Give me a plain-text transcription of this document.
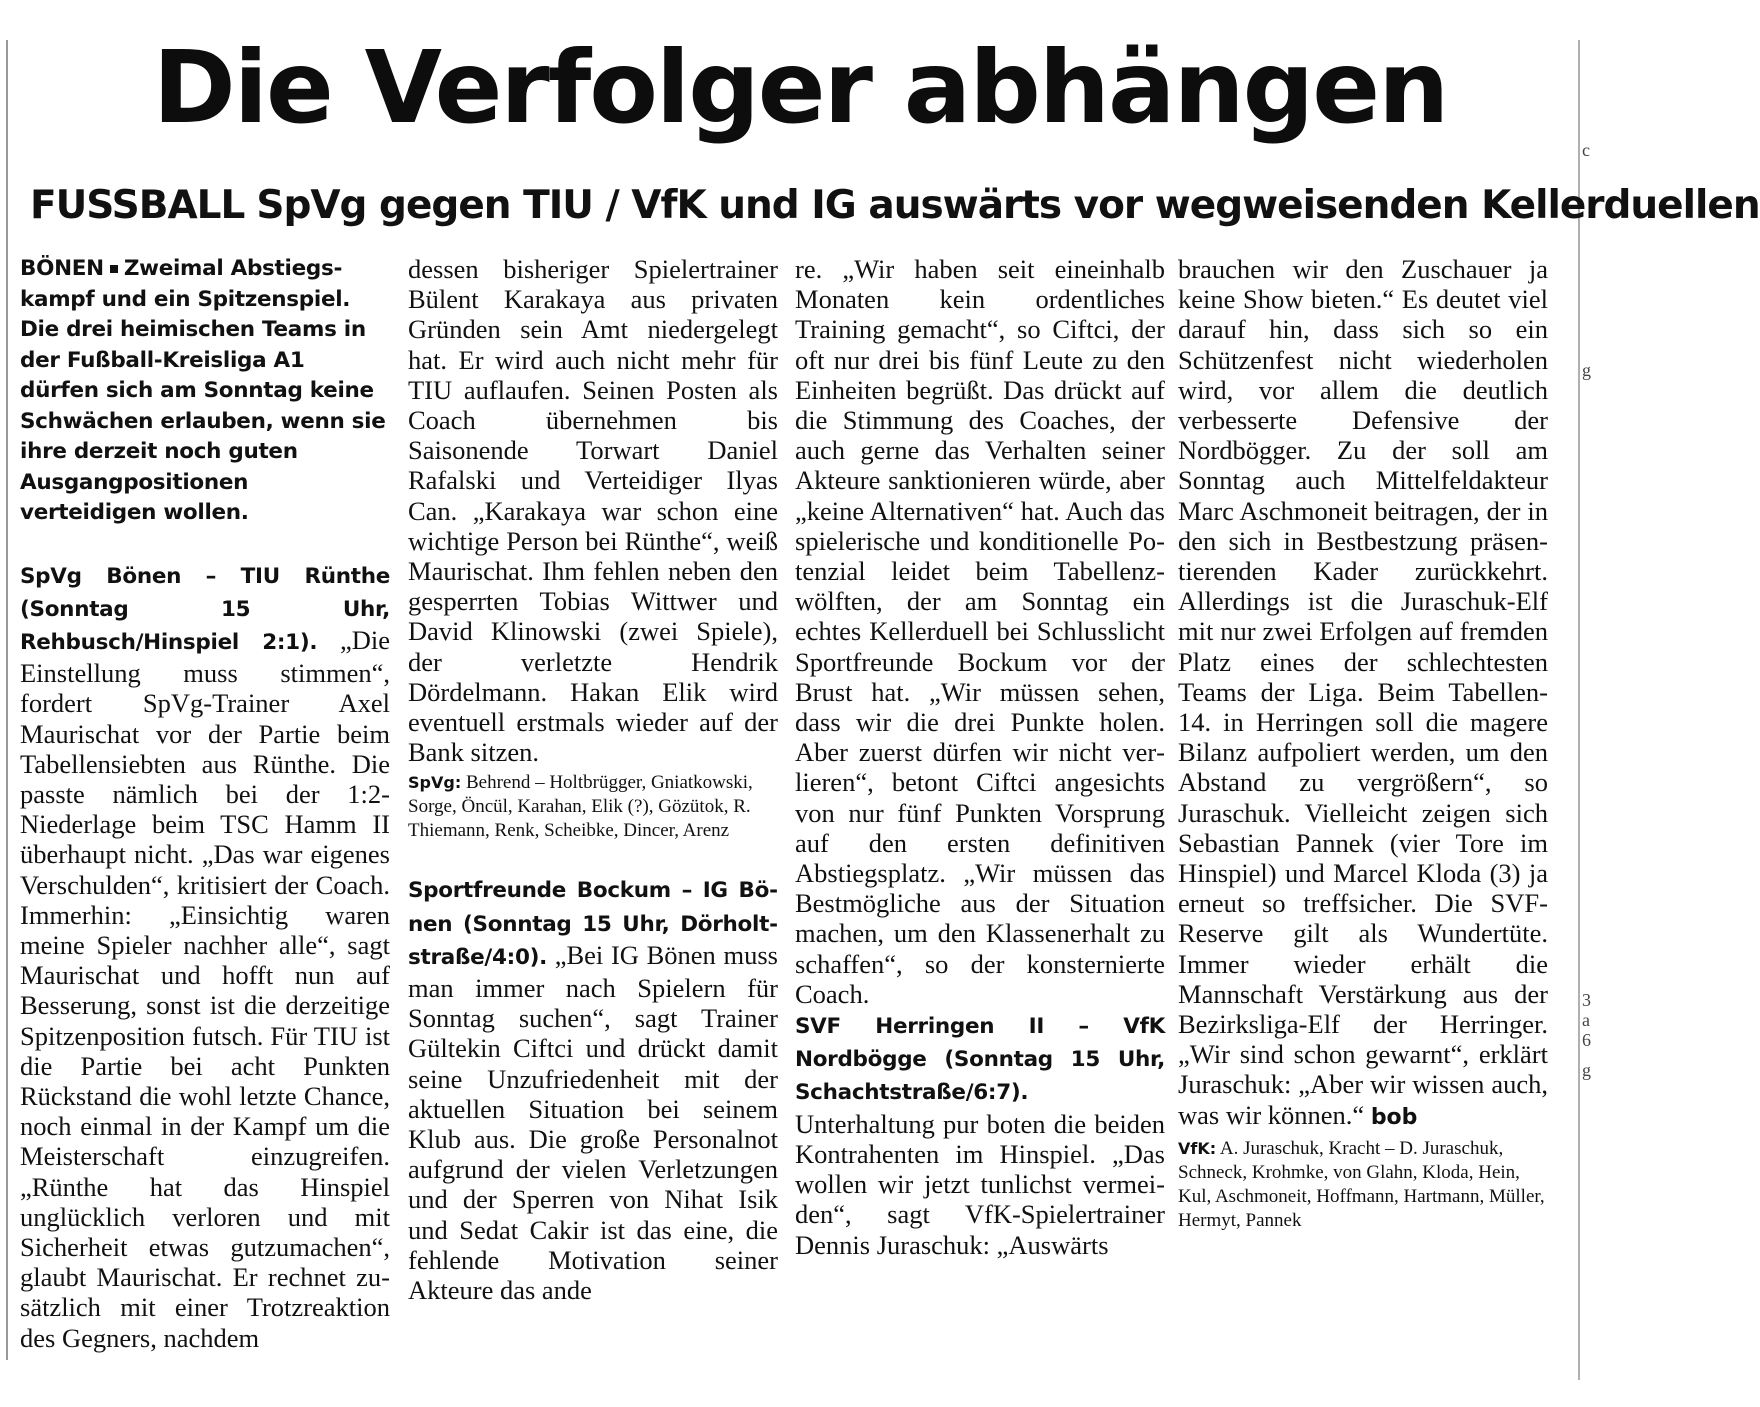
c
g
3
a
6
g
Die Verfolger abhängen
FUSSBALL SpVg gegen TIU / VfK und IG auswärts vor wegweisenden Kellerduellen

BÖNEN Zweimal Abstiegskampf und ein Spitzenspiel. Die drei heimischen Teams in der Fußball-Kreisliga A1 dürfen sich am Sonntag keine Schwächen erlauben, wenn sie ihre derzeit noch guten Ausgangpositionen verteidigen wollen.

SpVg Bönen – TIU Rünthe (Sonntag 15 Uhr, Rehbusch/Hinspiel 2:1). „Die Einstellung muss stimmen“, fordert SpVg-Trainer Axel Maurischat vor der Partie beim Tabellensiebten aus Rünthe. Die passte nämlich bei der 1:2-Niederlage beim TSC Hamm II überhaupt nicht. „Das war eigenes Verschulden“, kritisiert der Coach. Immerhin: „Einsichtig waren meine Spieler nachher alle“, sagt Maurischat und hofft nun auf Besserung, sonst ist die derzeitige Spitzenposition futsch. Für TIU ist die Partie bei acht Punkten Rückstand die wohl letzte Chance, noch einmal in der Kampf um die Meisterschaft einzugreifen. „Rünthe hat das Hinspiel unglücklich verloren und mit Sicherheit etwas gutzumachen“, glaubt Maurischat. Er rechnet zusätzlich mit einer Trotzreaktion des Gegners, nachdem

dessen bisheriger Spielertrainer Bülent Karakaya aus privaten Gründen sein Amt niedergelegt hat. Er wird auch nicht mehr für TIU auflaufen. Seinen Posten als Coach übernehmen bis Saisonende Torwart Daniel Rafalski und Verteidiger Ilyas Can. „Karakaya war schon eine wichtige Person bei Rünthe“, weiß Maurischat. Ihm fehlen neben den gesperrten Tobias Wittwer und David Klinowski (zwei Spiele), der verletzte Hendrik Dördelmann. Hakan Elik wird eventuell erstmals wieder auf der Bank sitzen.

SpVg: Behrend – Holtbrügger, Gniatkowski, Sorge, Öncül, Karahan, Elik (?), Gözütok, R. Thiemann, Renk, Scheibke, Dincer, Arenz

Sportfreunde Bockum – IG Bönen (Sonntag 15 Uhr, Dörholtstraße/4:0). „Bei IG Bönen muss man immer nach Spielern für Sonntag suchen“, sagt Trainer Gültekin Ciftci und drückt damit seine Unzufriedenheit mit der aktuellen Situation bei seinem Klub aus. Die große Personalnot aufgrund der vielen Verletzungen und der Sperren von Nihat Isik und Sedat Cakir ist das eine, die fehlende Motivation seiner Akteure das ande

re. „Wir haben seit eineinhalb Monaten kein ordentliches Training gemacht“, so Ciftci, der oft nur drei bis fünf Leute zu den Einheiten begrüßt. Das drückt auf die Stimmung des Coaches, der auch gerne das Verhalten seiner Akteure sanktionieren würde, aber „keine Alternativen“ hat. Auch das spielerische und konditionelle Potenzial leidet beim Tabellenzwölften, der am Sonntag ein echtes Kellerduell bei Schlusslicht Sportfreunde Bockum vor der Brust hat. „Wir müssen sehen, dass wir die drei Punkte holen. Aber zuerst dürfen wir nicht verlieren“, betont Ciftci angesichts von nur fünf Punkten Vorsprung auf den ersten definitiven Abstiegsplatz. „Wir müssen das Bestmögliche aus der Situation machen, um den Klassenerhalt zu schaffen“, so der konsternierte Coach.

SVF Herringen II – VfK Nordbögge (Sonntag 15 Uhr, Schachtstraße/6:7). Unterhaltung pur boten die beiden Kontrahenten im Hinspiel. „Das wollen wir jetzt tunlichst vermeiden“, sagt VfK-Spielertrainer Dennis Juraschuk: „Auswärts

brauchen wir den Zuschauer ja keine Show bieten.“ Es deutet viel darauf hin, dass sich so ein Schützenfest nicht wiederholen wird, vor allem die deutlich verbesserte Defensive der Nordbögger. Zu der soll am Sonntag auch Mittelfeldakteur Marc Aschmoneit beitragen, der in den sich in Bestbestzung präsentierenden Kader zurückkehrt. Allerdings ist die Juraschuk-Elf mit nur zwei Erfolgen auf fremden Platz eines der schlechtesten Teams der Liga. Beim Tabellen-14. in Herringen soll die magere Bilanz aufpoliert werden, um den Abstand zu vergrößern“, so Juraschuk. Vielleicht zeigen sich Sebastian Pannek (vier Tore im Hinspiel) und Marcel Kloda (3) ja erneut so treffsicher. Die SVF-Reserve gilt als Wundertüte. Immer wieder erhält die Mannschaft Verstärkung aus der Bezirksliga-Elf der Herringer. „Wir sind schon gewarnt“, erklärt Juraschuk: „Aber wir wissen auch, was wir können.“ bob

VfK: A. Juraschuk, Kracht – D. Juraschuk, Schneck, Krohmke, von Glahn, Kloda, Hein, Kul, Aschmoneit, Hoffmann, Hartmann, Müller, Hermyt, Pannek
